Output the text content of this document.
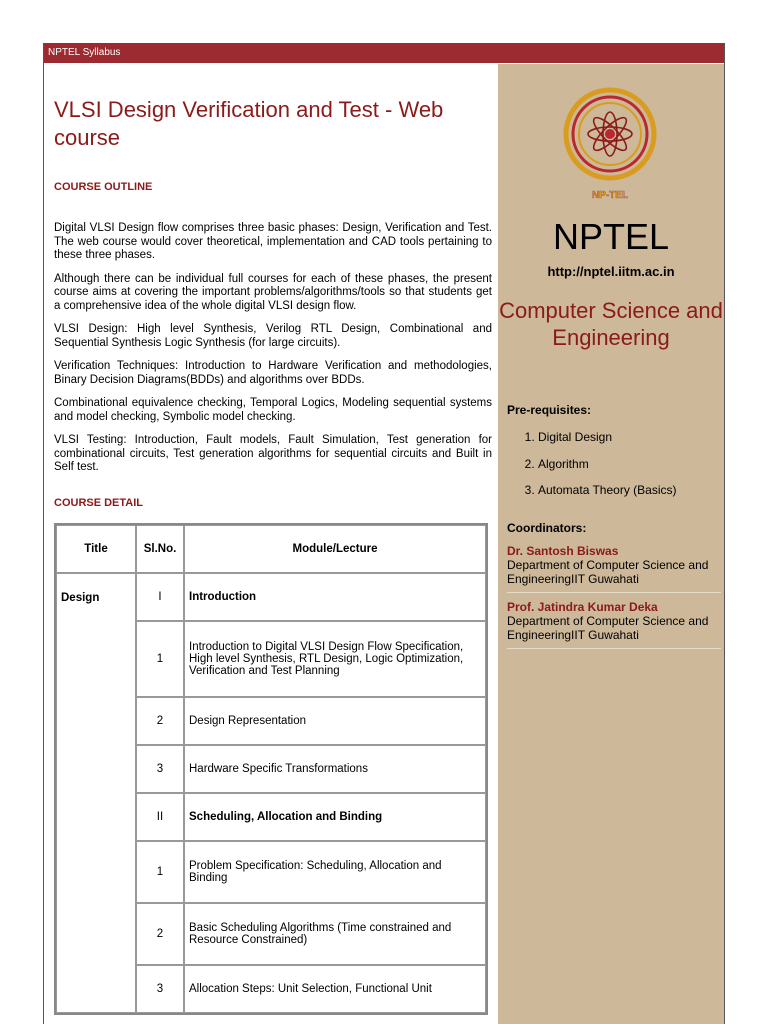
NPTEL Syllabus
VLSI Design Verification and Test - Web course

COURSE OUTLINE

Digital VLSI Design flow comprises three basic phases: Design, Verification and Test. The web course would cover theoretical, implementation and CAD tools pertaining to these three phases.

Although there can be individual full courses for each of these phases, the present course aims at covering the important problems/algorithms/tools so that students get a comprehensive idea of the whole digital VLSI design flow.

VLSI Design: High level Synthesis, Verilog RTL Design, Combinational and Sequential Synthesis Logic Synthesis (for large circuits).

Verification Techniques: Introduction to Hardware Verification and methodologies, Binary Decision Diagrams(BDDs) and algorithms over BDDs.

Combinational equivalence checking, Temporal Logics, Modeling sequential systems and model checking, Symbolic model checking.

VLSI Testing: Introduction, Fault models, Fault Simulation, Test generation for combinational circuits, Test generation algorithms for sequential circuits and Built in Self test.

COURSE DETAIL

Title	Sl.No.	Module/Lecture
Design	I	Introduction
	1	Introduction to Digital VLSI Design Flow Specification, High level Synthesis, RTL Design, Logic Optimization, Verification and Test Planning
	2	Design Representation
	3	Hardware Specific Transformations
	II	Scheduling, Allocation and Binding
	1	Problem Specification: Scheduling, Allocation and Binding
	2	Basic Scheduling Algorithms (Time constrained and Resource Constrained)
	3	Allocation Steps: Unit Selection, Functional Unit
NP-TEL

NPTEL

http://nptel.iitm.ac.in

Computer Science and Engineering

Pre-requisites:

1. Digital Design
2. Algorithm
3. Automata Theory (Basics)

Coordinators:

Dr. Santosh Biswas
Department of Computer Science and EngineeringIIT Guwahati
Prof. Jatindra Kumar Deka
Department of Computer Science and EngineeringIIT Guwahati
